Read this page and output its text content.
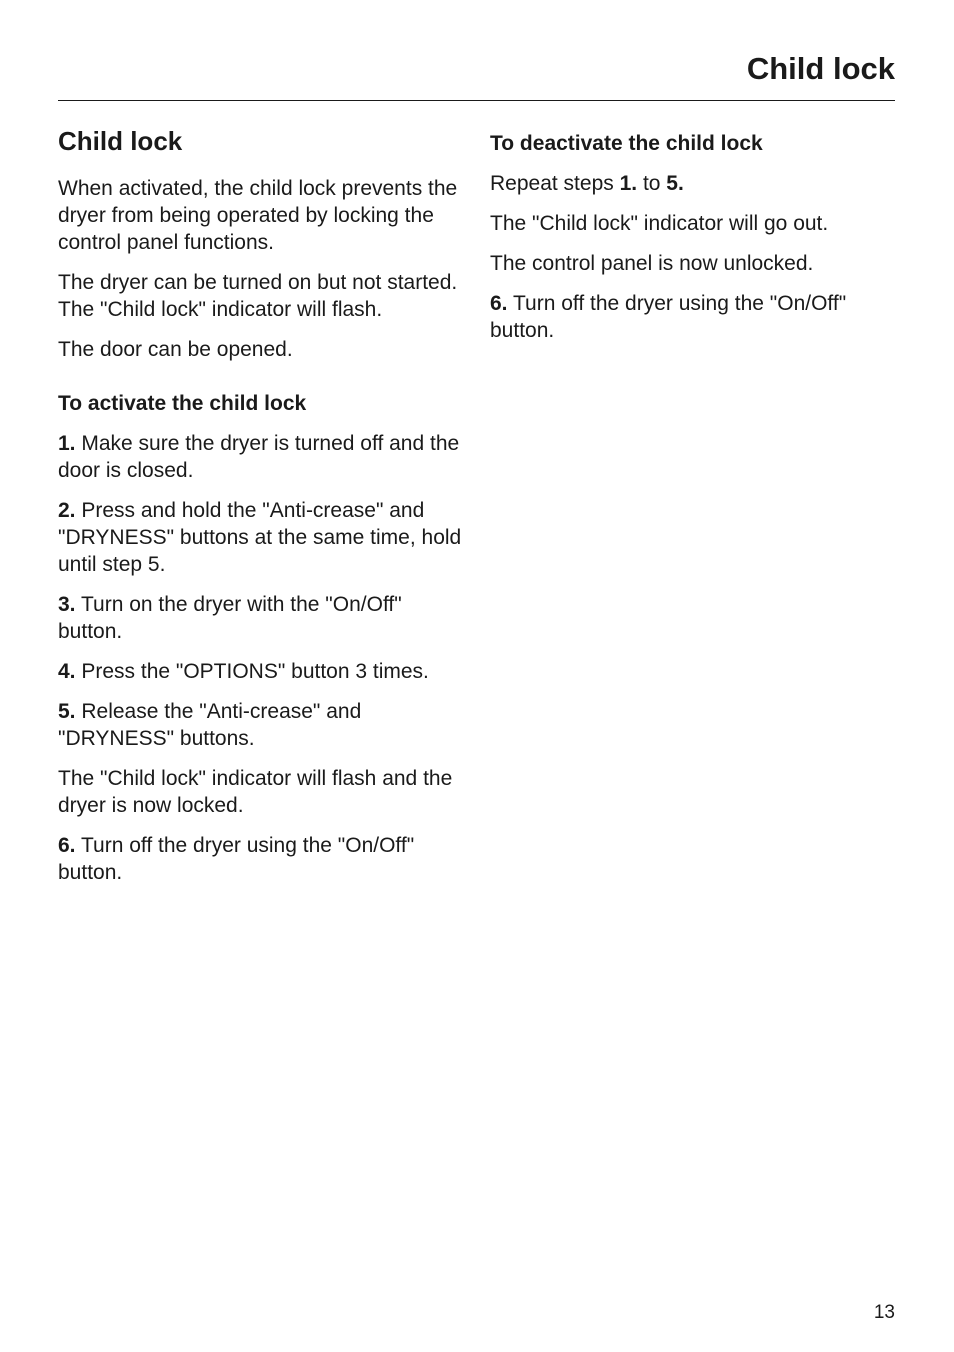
Child lock
Child lock

When activated, the child lock prevents the dryer from being operated by locking the control panel functions.

The dryer can be turned on but not started. The "Child lock" indicator will flash.

The door can be opened.

To activate the child lock

1. Make sure the dryer is turned off and the door is closed.

2. Press and hold the "Anti-crease" and "DRYNESS" buttons at the same time, hold until step 5.

3. Turn on the dryer with the "On/Off" button.

4. Press the "OPTIONS" button 3 times.

5. Release the "Anti-crease" and "DRYNESS" buttons.

The "Child lock" indicator will flash and the dryer is now locked.

6. Turn off the dryer using the "On/Off" button.

To deactivate the child lock

Repeat steps 1. to 5.

The "Child lock" indicator will go out.

The control panel is now unlocked.

6. Turn off the dryer using the "On/Off" button.

13
